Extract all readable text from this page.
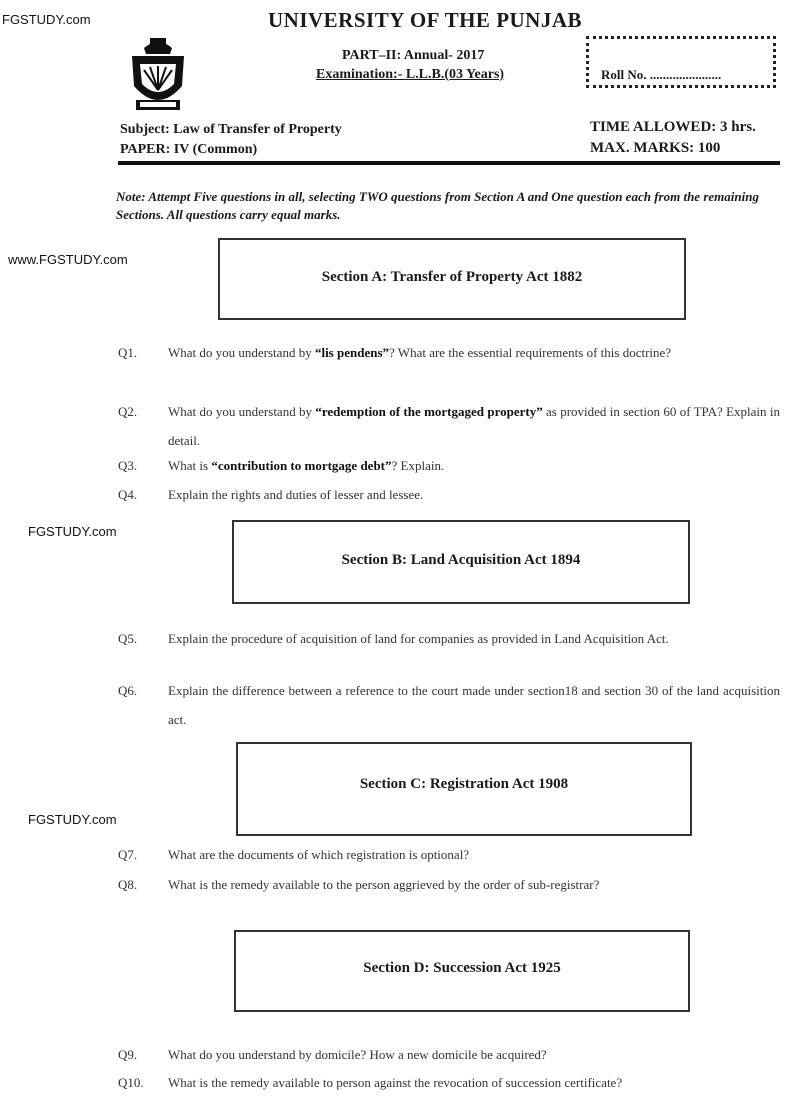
FGSTUDY.com
www.FGSTUDY.com
FGSTUDY.com
FGSTUDY.com
UNIVERSITY OF THE PUNJAB
PART–II: Annual- 2017
Examination:- L.L.B.(03 Years)	Roll No. ......................
Subject: Law of Transfer of Property
PAPER: IV (Common)
TIME ALLOWED: 3 hrs.
MAX. MARKS: 100
Note: Attempt Five questions in all, selecting TWO questions from Section A and One question each from the remaining Sections. All questions carry equal marks.
Section A: Transfer of Property Act 1882
Q1. What do you understand by “lis pendens”? What are the essential requirements of this doctrine?
Q2. What do you understand by “redemption of the mortgaged property” as provided in section 60 of TPA? Explain in detail.
Q3. What is “contribution to mortgage debt”? Explain.
Q4. Explain the rights and duties of lesser and lessee.
Section B: Land Acquisition Act 1894
Q5. Explain the procedure of acquisition of land for companies as provided in Land Acquisition Act.
Q6. Explain the difference between a reference to the court made under section18 and section 30 of the land acquisition act.
Section C: Registration Act 1908
Q7. What are the documents of which registration is optional?
Q8. What is the remedy available to the person aggrieved by the order of sub-registrar?
Section D: Succession Act 1925
Q9. What do you understand by domicile? How a new domicile be acquired?
Q10. What is the remedy available to person against the revocation of succession certificate?
